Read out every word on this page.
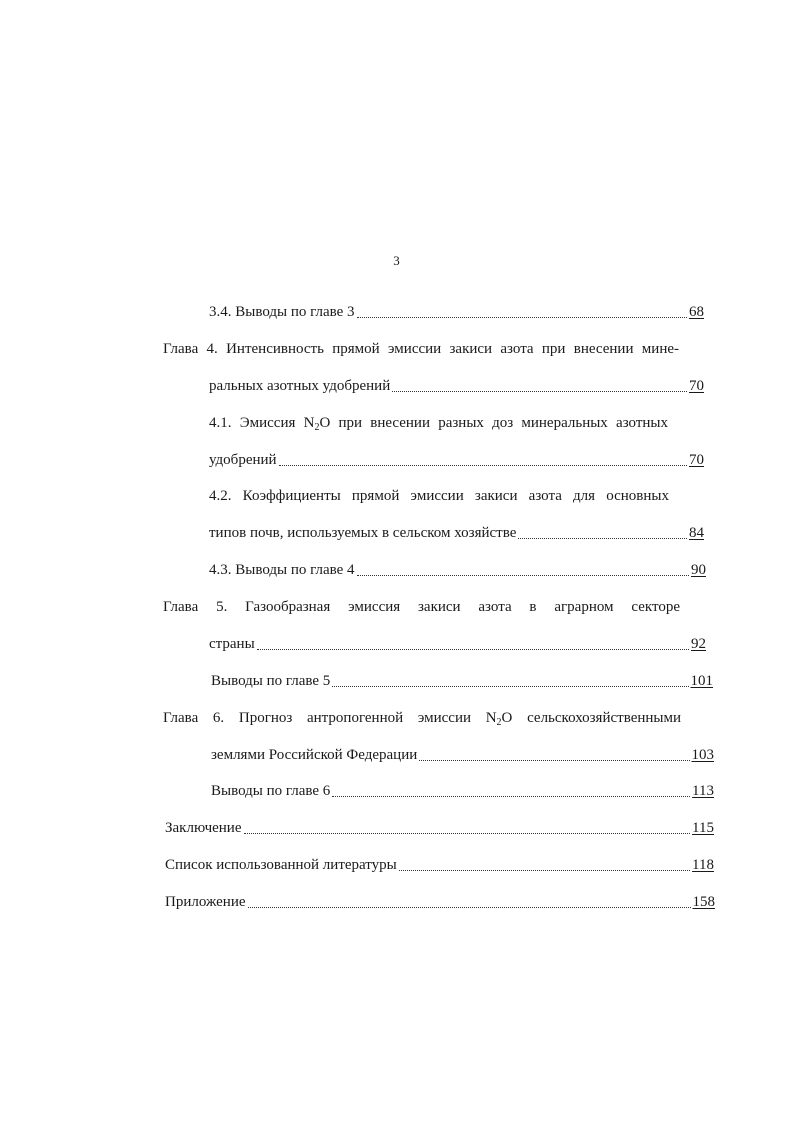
3
3.4. Выводы по главе 3	68
Глава 4. Интенсивность прямой эмиссии закиси азота при внесении мине-
ральных азотных удобрений	70
4.1. Эмиссия $N_2O$ при внесении разных доз минеральных азотных
удобрений	70
4.2. Коэффициенты прямой эмиссии закиси азота для основных
типов почв, используемых в сельском хозяйстве	84
4.3. Выводы по главе 4	90
Глава 5. Газообразная эмиссия закиси азота в аграрном секторе
страны	92
Выводы по главе 5	101
Глава 6. Прогноз антропогенной эмиссии $N_2O$ сельскохозяйственными
землями Российской Федерации	103
Выводы по главе 6	113
Заключение	115
Список использованной литературы	118
Приложение	158
